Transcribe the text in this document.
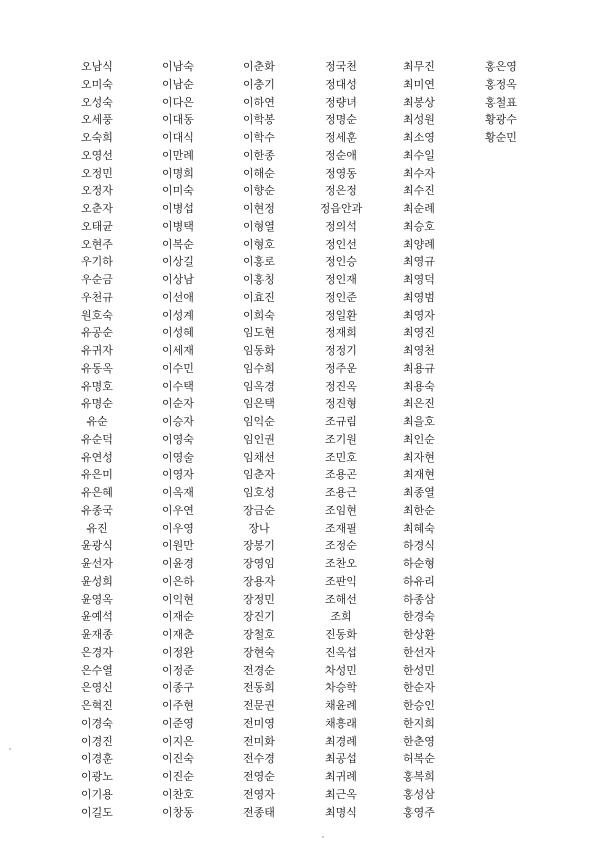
오남식
오미숙
오성숙
오세풍
오숙희
오영선
오정민
오정자
오춘자
오태균
오현주
우기하
우순금
우천규
원호숙
유공순
유귀자
유동옥
유명호
유명순
유순
유순덕
유연성
유은미
유은혜
유종국
유진
윤광식
윤선자
윤성희
윤영옥
윤예석
윤재종
은경자
은수열
은영신
은혁진
이경숙
이경진
이경훈
이광노
이기용
이길도
이남숙
이남순
이다은
이대동
이대식
이만례
이명희
이미숙
이병섭
이병택
이복순
이상길
이상남
이선애
이성계
이성혜
이세재
이수민
이수택
이순자
이승자
이영숙
이영술
이영자
이옥재
이우연
이우영
이원만
이윤경
이은하
이익현
이재순
이재춘
이정완
이정준
이종구
이주현
이준영
이지은
이진숙
이진순
이찬호
이창동
이춘화
이충기
이하연
이학봉
이학수
이한종
이해순
이향순
이현정
이형열
이형호
이홍로
이홍칭
이효진
이희숙
임도현
임동화
임수희
임옥경
임은택
임익순
임인권
임채선
임춘자
임호성
장금순
장나
장봉기
장영임
장용자
장정민
장진기
장철호
장현숙
전경순
전동희
전문권
전미영
전미화
전수경
전영순
전영자
전종태
정국천
정대성
정량녀
정명순
정세훈
정순애
정영동
정은정
정읍안과
정의석
정인선
정인승
정인재
정인준
정일환
정재희
정정기
정주운
정진옥
정진형
조규림
조기원
조민호
조용곤
조용근
조임현
조재필
조정순
조찬오
조판익
조해선
조희
진동화
진옥섭
차성민
차승학
채윤례
채흥래
최경례
최공섭
최귀례
최근옥
최명식
최무진
최미연
최봉상
최성원
최소영
최수일
최수자
최수진
최순례
최승호
최양례
최영규
최영덕
최영범
최영자
최영진
최영천
최용규
최용숙
최은진
최을호
최인순
최자현
최재현
최종열
최한순
최혜숙
하경식
하순형
하유리
하종삼
한경숙
한상환
한선자
한성민
한순자
한승인
한지희
한춘영
허복순
홍복희
홍성삼
홍영주
홍은영
홍정옥
홍철표
황광수
황순민
